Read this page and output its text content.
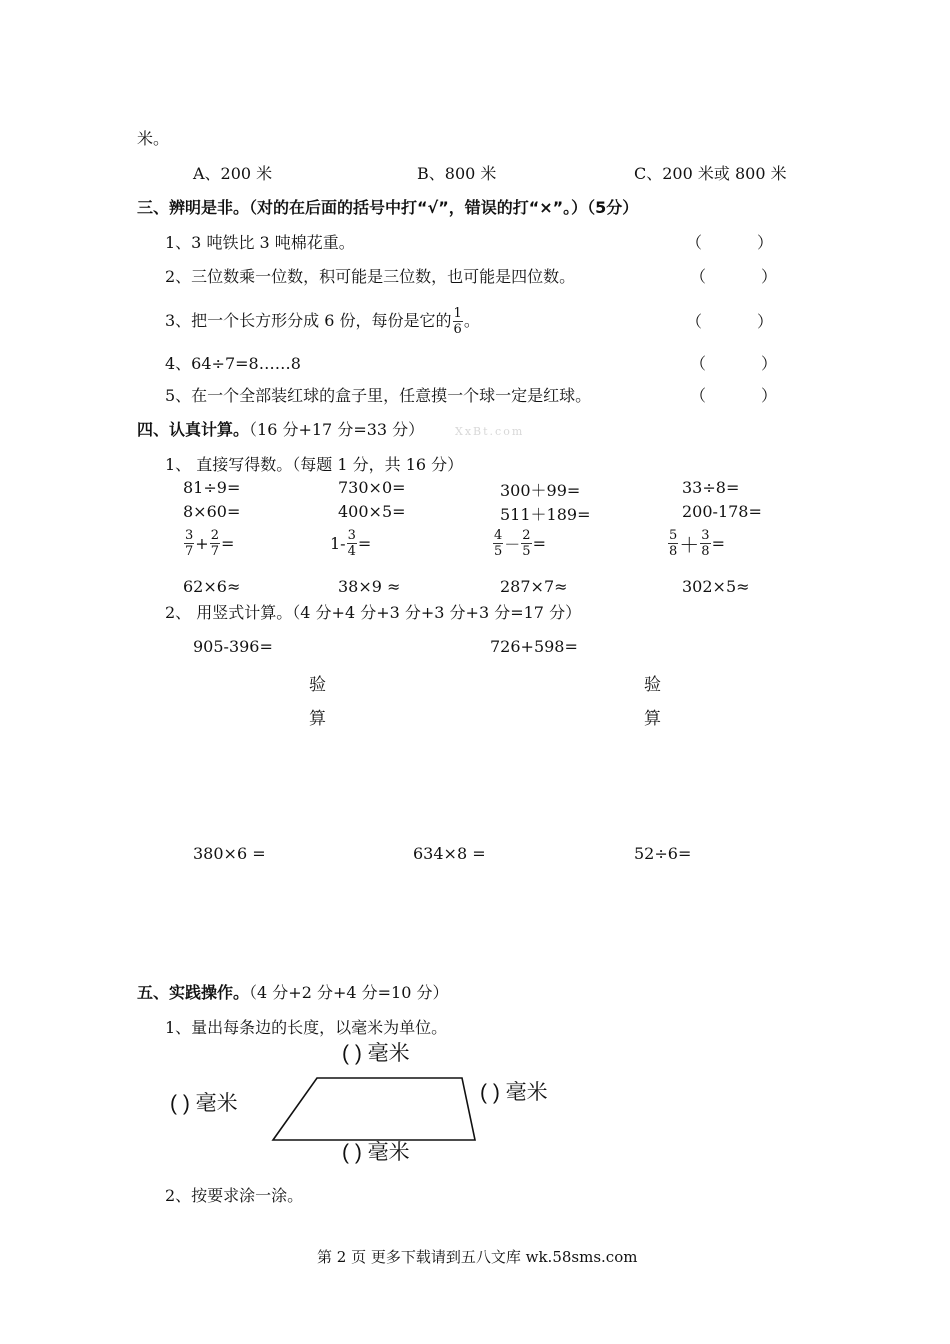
米。
A、200 米	B、800 米	C、200 米或 800 米
三、辨明是非。（对的在后面的括号中打“√”，错误的打“×”。）（5分）
1、3 吨铁比 3 吨棉花重。	（	）
2、三位数乘一位数，积可能是三位数，也可能是四位数。	（	）
3、把一个长方形分成 6 份，每份是它的 $\frac{1}{6}$ 。	（	）
4、64÷7=8……8	（	）
5、在一个全部装红球的盒子里，任意摸一个球一定是红球。	（	）
四、认真计算。（16 分+17 分=33 分）	XxBt.com
1、 直接写得数。（每题 1 分，共 16 分）
81÷9=	730×0=	300＋99=	33÷8=
8×60=	400×5=	511＋189=	200-178=
$\frac{3}{7} + \frac{2}{7}$ =	$1- \frac{3}{4}$ =	$\frac{4}{5} - \frac{2}{5}$ =	$\frac{5}{8} + \frac{3}{8}$ =
62×6≈	38×9 ≈	287×7≈	302×5≈
2、 用竖式计算。（4 分+4 分+3 分+3 分+3 分=17 分）
905-396=	726+598=
验
算
验
算
380×6 =	634×8 =	52÷6=
五、实践操作。（4 分+2 分+4 分=10 分）
1、量出每条边的长度，以毫米为单位。
( ) 毫米
( ) 毫米	( ) 毫米
( ) 毫米
2、按要求涂一涂。
第 2 页 更多下载请到五八文库 wk.58sms.com
